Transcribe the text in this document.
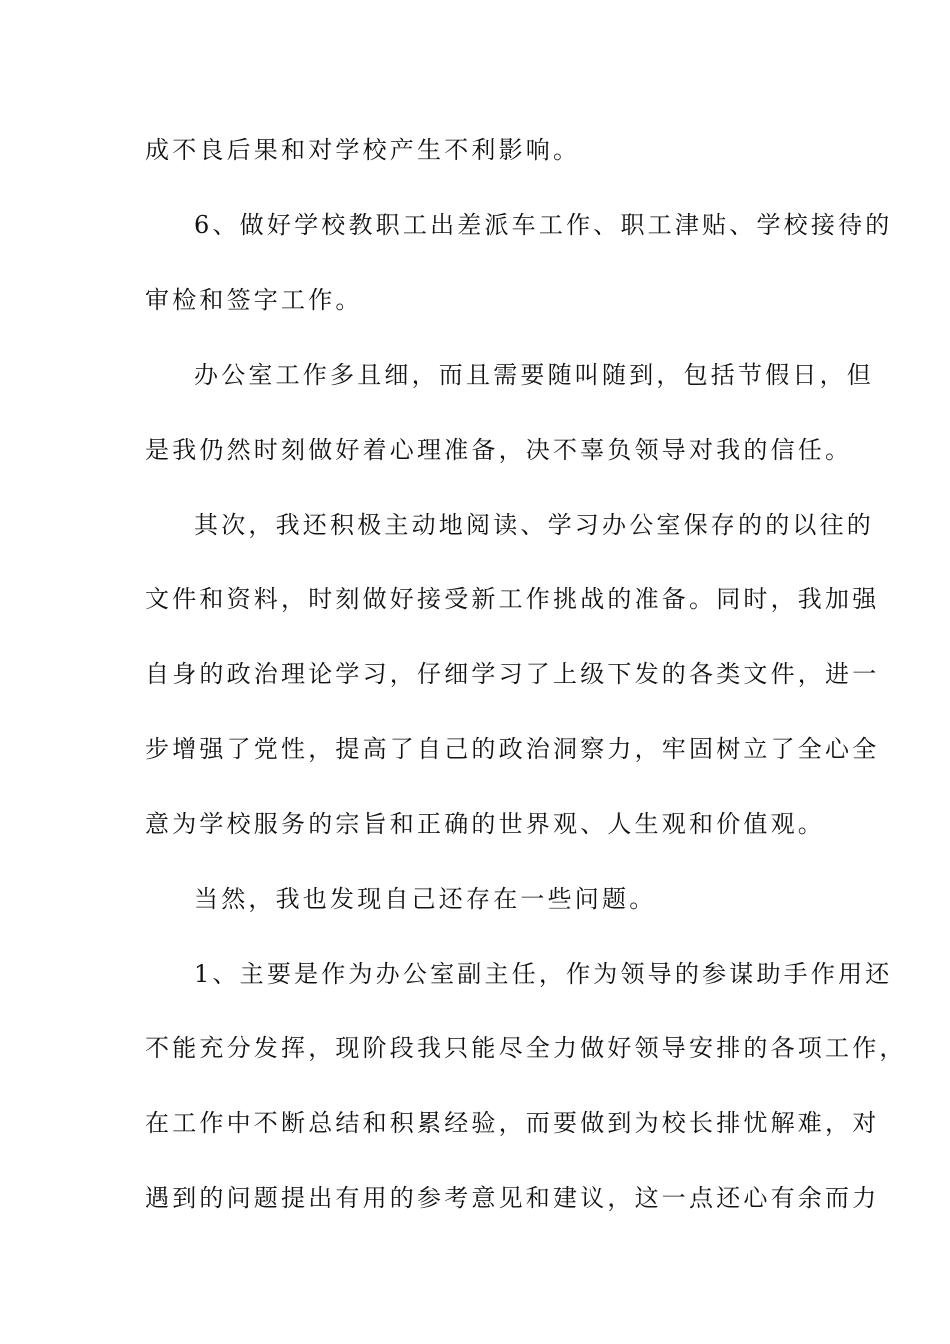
成不良后果和对学校产生不利影响。
6、做好学校教职工出差派车工作、职工津贴、学校接待的
审检和签字工作。
办公室工作多且细，而且需要随叫随到，包括节假日，但
是我仍然时刻做好着心理准备，决不辜负领导对我的信任。
其次，我还积极主动地阅读、学习办公室保存的的以往的
文件和资料，时刻做好接受新工作挑战的准备。同时，我加强
自身的政治理论学习，仔细学习了上级下发的各类文件，进一
步增强了党性，提高了自己的政治洞察力，牢固树立了全心全
意为学校服务的宗旨和正确的世界观、人生观和价值观。
当然，我也发现自己还存在一些问题。
1、主要是作为办公室副主任，作为领导的参谋助手作用还
不能充分发挥，现阶段我只能尽全力做好领导安排的各项工作，
在工作中不断总结和积累经验，而要做到为校长排忧解难，对
遇到的问题提出有用的参考意见和建议，这一点还心有余而力
